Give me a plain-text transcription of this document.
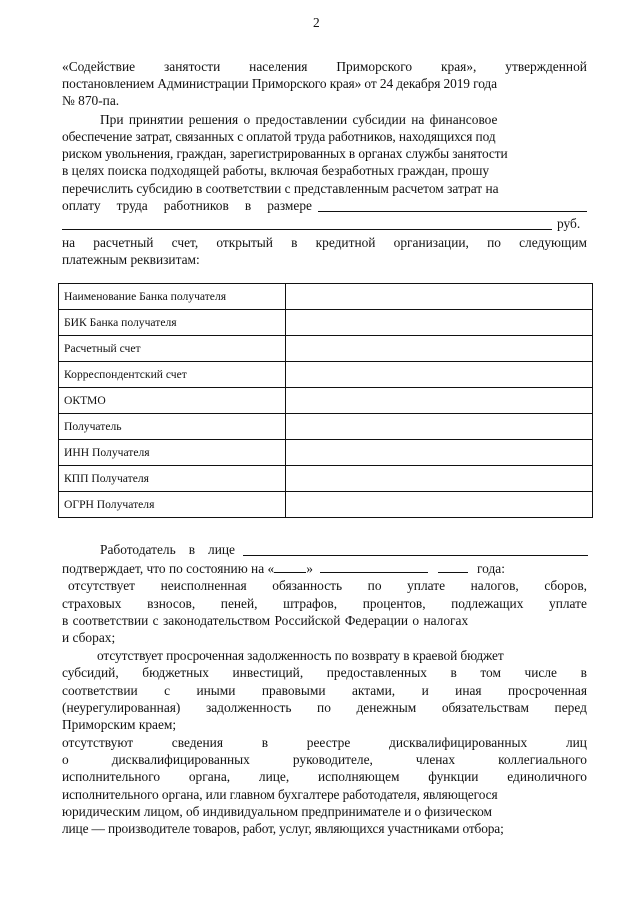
2
«Содействие занятости населения Приморского края», утвержденной
постановлением Администрации Приморского края» от 24 декабря 2019 года
№ 870-па.
При принятии решения о предоставлении субсидии на финансовое
обеспечение затрат, связанных с оплатой труда работников, находящихся под
риском увольнения, граждан, зарегистрированных в органах службы занятости
в целях поиска подходящей работы, включая безработных граждан, прошу
перечислить субсидию в соответствии с представленным расчетом затрат на
оплату труда работников в размере
руб.
на расчетный счет, открытый в кредитной организации, по следующим
платежным реквизитам:
Наименование Банка получателя	
БИК Банка получателя	
Расчетный счет	
Корреспондентский счет	
ОКТМО	
Получатель	
ИНН Получателя	
КПП Получателя	
ОГРН Получателя	
Работодатель в лице
подтверждает, что по состоянию на « »	года:
отсутствует неисполненная обязанность по уплате налогов, сборов,
страховых взносов, пеней, штрафов, процентов, подлежащих уплате
в соответствии с законодательством Российской Федерации о налогах
и сборах;
отсутствует просроченная задолженность по возврату в краевой бюджет
субсидий, бюджетных инвестиций, предоставленных в том числе в
соответствии с иными правовыми актами, и иная просроченная
(неурегулированная) задолженность по денежным обязательствам перед
Приморским краем;
отсутствуют	сведения	в	реестре	дисквалифицированных	лиц
о	дисквалифицированных	руководителе,	членах	коллегиального
исполнительного органа, лице, исполняющем функции единоличного
исполнительного органа, или главном бухгалтере работодателя, являющегося
юридическим лицом, об индивидуальном предпринимателе и о физическом
лице — производителе товаров, работ, услуг, являющихся участниками отбора;
